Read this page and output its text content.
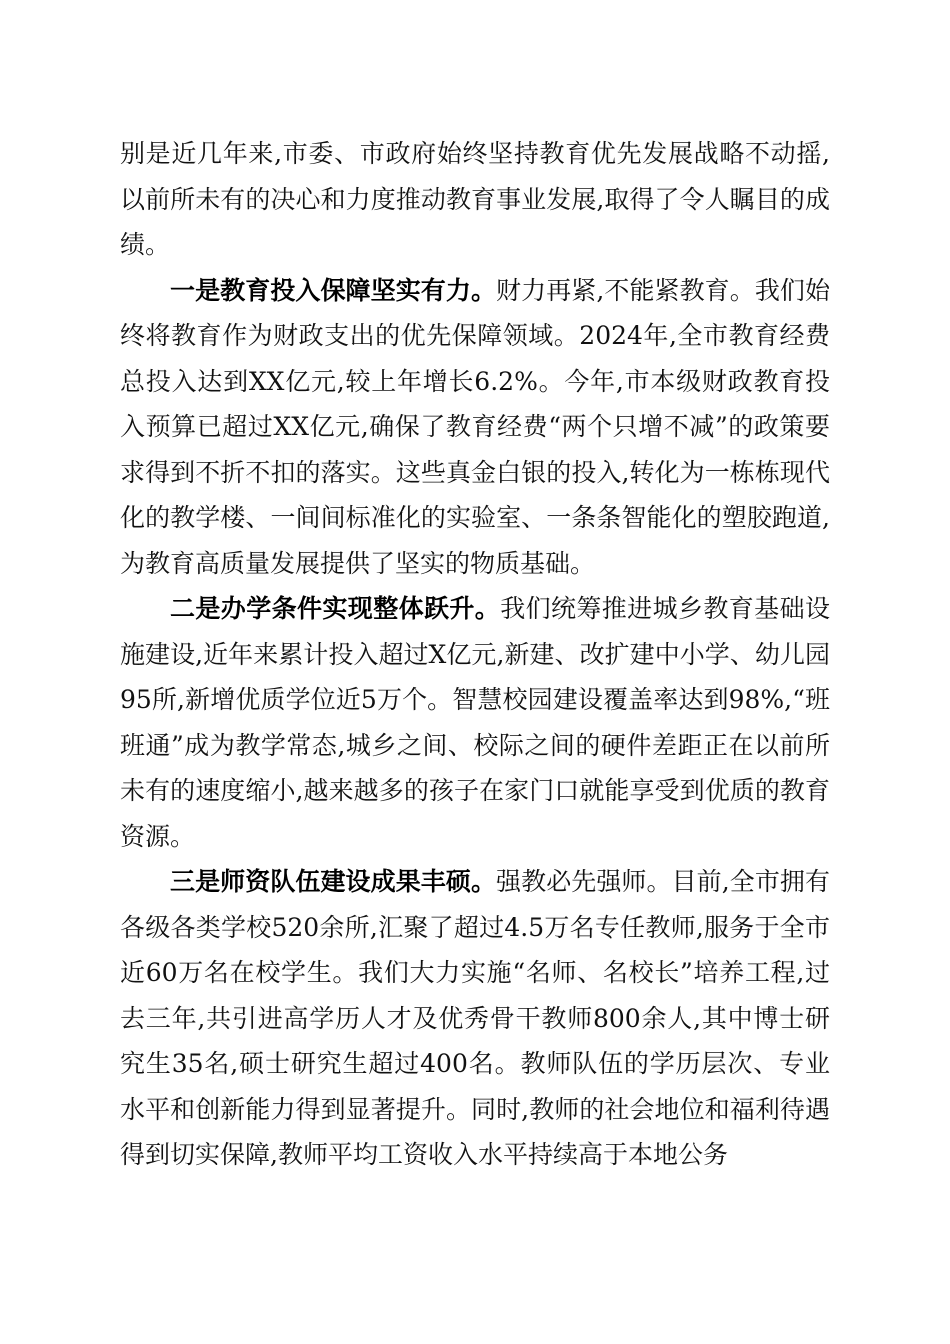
别是近几年来,市委、市政府始终坚持教育优先发展战略不动摇,以前所未有的决心和力度推动教育事业发展,取得了令人瞩目的成绩。

一是教育投入保障坚实有力。财力再紧,不能紧教育。我们始终将教育作为财政支出的优先保障领域。2024年,全市教育经费总投入达到XX亿元,较上年增长6.2%。今年,市本级财政教育投入预算已超过XX亿元,确保了教育经费“两个只增不减”的政策要求得到不折不扣的落实。这些真金白银的投入,转化为一栋栋现代化的教学楼、一间间标准化的实验室、一条条智能化的塑胶跑道,为教育高质量发展提供了坚实的物质基础。

二是办学条件实现整体跃升。我们统筹推进城乡教育基础设施建设,近年来累计投入超过X亿元,新建、改扩建中小学、幼儿园95所,新增优质学位近5万个。智慧校园建设覆盖率达到98%,“班班通”成为教学常态,城乡之间、校际之间的硬件差距正在以前所未有的速度缩小,越来越多的孩子在家门口就能享受到优质的教育资源。

三是师资队伍建设成果丰硕。强教必先强师。目前,全市拥有各级各类学校520余所,汇聚了超过4.5万名专任教师,服务于全市近60万名在校学生。我们大力实施“名师、名校长”培养工程,过去三年,共引进高学历人才及优秀骨干教师800余人,其中博士研究生35名,硕士研究生超过400名。教师队伍的学历层次、专业水平和创新能力得到显著提升。同时,教师的社会地位和福利待遇得到切实保障,教师平均工资收入水平持续高于本地公务
